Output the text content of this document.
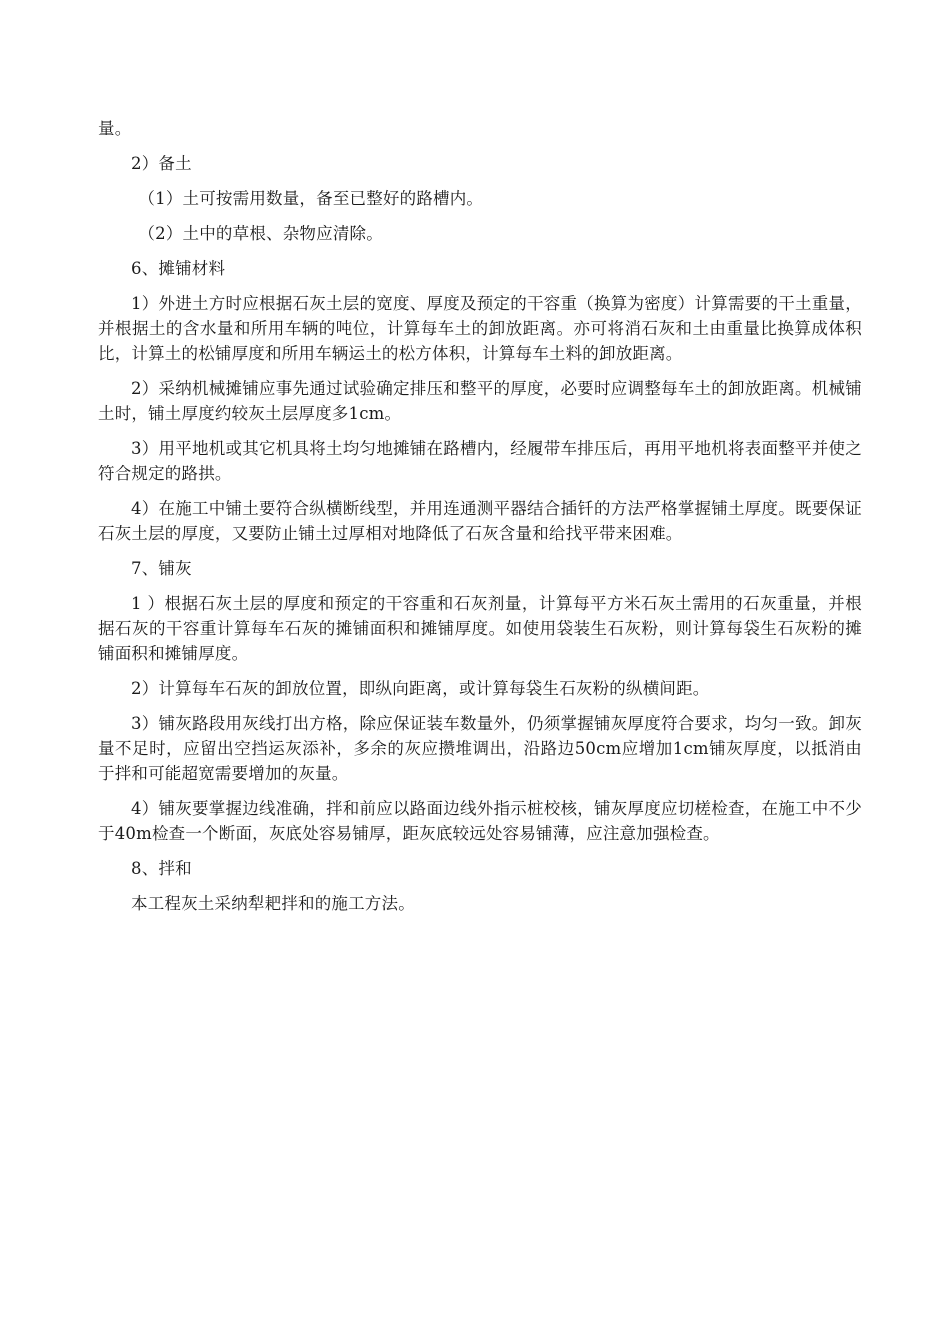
量。

2）备土

（1）土可按需用数量，备至已整好的路槽内。

（2）土中的草根、杂物应清除。

6、摊铺材料

1）外进土方时应根据石灰土层的宽度、厚度及预定的干容重（换算为密度）计算需要的干土重量，并根据土的含水量和所用车辆的吨位，计算每车土的卸放距离。亦可将消石灰和土由重量比换算成体积比，计算土的松铺厚度和所用车辆运土的松方体积，计算每车土料的卸放距离。

2）采纳机械摊铺应事先通过试验确定排压和整平的厚度，必要时应调整每车土的卸放距离。机械铺土时，铺土厚度约较灰土层厚度多1cm。

3）用平地机或其它机具将土均匀地摊铺在路槽内，经履带车排压后，再用平地机将表面整平并使之符合规定的路拱。

4）在施工中铺土要符合纵横断线型，并用连通测平器结合插钎的方法严格掌握铺土厚度。既要保证石灰土层的厚度，又要防止铺土过厚相对地降低了石灰含量和给找平带来困难。

7、铺灰

1 ）根据石灰土层的厚度和预定的干容重和石灰剂量，计算每平方米石灰土需用的石灰重量，并根据石灰的干容重计算每车石灰的摊铺面积和摊铺厚度。如使用袋装生石灰粉，则计算每袋生石灰粉的摊铺面积和摊铺厚度。

2）计算每车石灰的卸放位置，即纵向距离，或计算每袋生石灰粉的纵横间距。

3）铺灰路段用灰线打出方格，除应保证装车数量外，仍须掌握铺灰厚度符合要求，均匀一致。卸灰量不足时，应留出空挡运灰添补，多余的灰应攒堆调出，沿路边50cm应增加1cm铺灰厚度，以抵消由于拌和可能超宽需要增加的灰量。

4）铺灰要掌握边线准确，拌和前应以路面边线外指示桩校核，铺灰厚度应切槎检查，在施工中不少于40m检查一个断面，灰底处容易铺厚，距灰底较远处容易铺薄，应注意加强检查。

8、拌和

本工程灰土采纳犁耙拌和的施工方法。
